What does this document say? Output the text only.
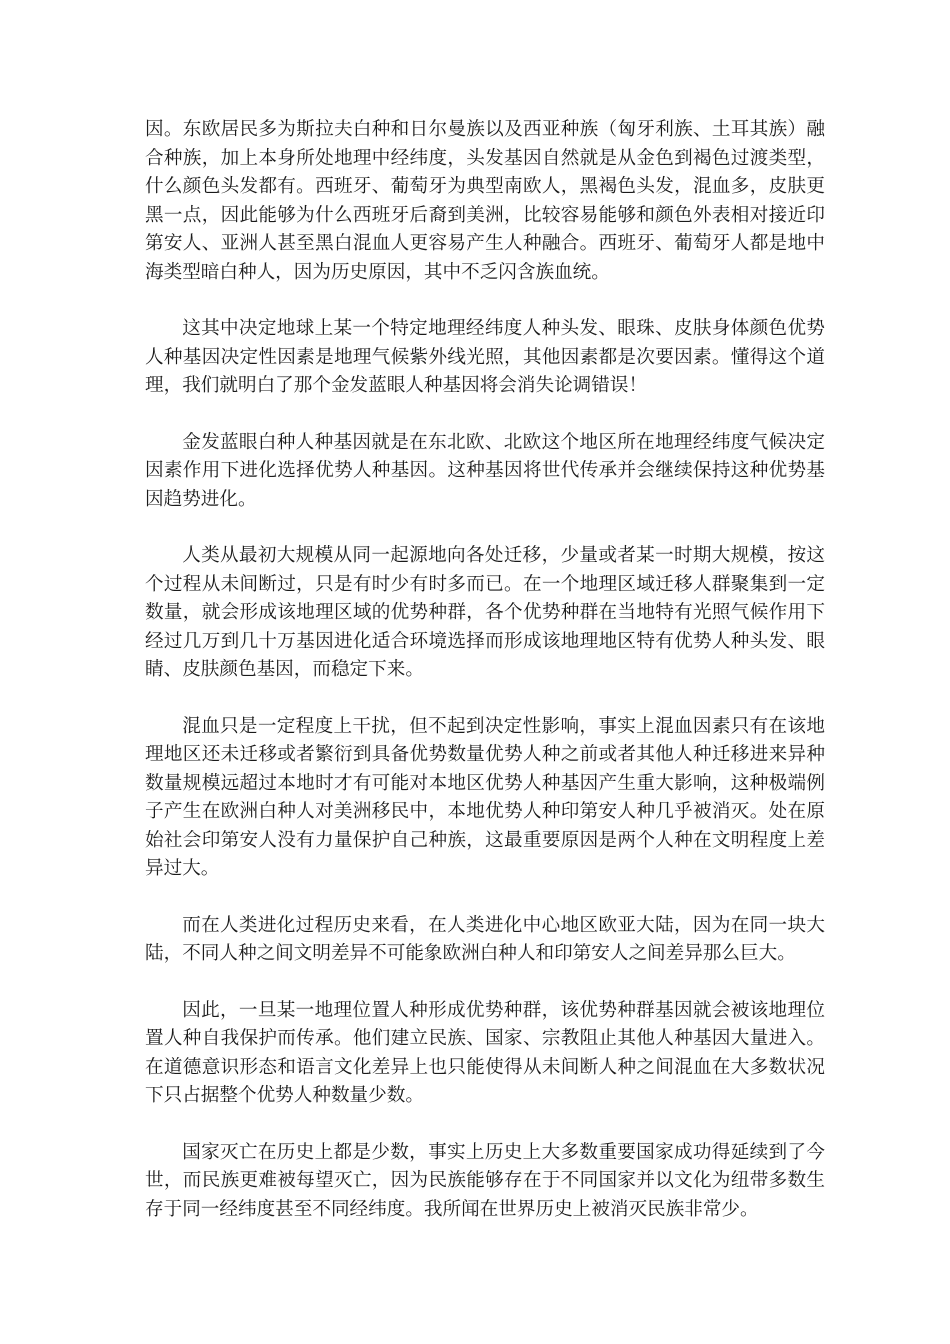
因。东欧居民多为斯拉夫白种和日尔曼族以及西亚种族（匈牙利族、土耳其族）融合种族，加上本身所处地理中经纬度，头发基因自然就是从金色到褐色过渡类型，什么颜色头发都有。西班牙、葡萄牙为典型南欧人，黑褐色头发，混血多，皮肤更黑一点，因此能够为什么西班牙后裔到美洲，比较容易能够和颜色外表相对接近印第安人、亚洲人甚至黑白混血人更容易产生人种融合。西班牙、葡萄牙人都是地中海类型暗白种人，因为历史原因，其中不乏闪含族血统。

这其中决定地球上某一个特定地理经纬度人种头发、眼珠、皮肤身体颜色优势人种基因决定性因素是地理气候紫外线光照，其他因素都是次要因素。懂得这个道理，我们就明白了那个金发蓝眼人种基因将会消失论调错误！

金发蓝眼白种人种基因就是在东北欧、北欧这个地区所在地理经纬度气候决定因素作用下进化选择优势人种基因。这种基因将世代传承并会继续保持这种优势基因趋势进化。

人类从最初大规模从同一起源地向各处迁移，少量或者某一时期大规模，按这个过程从未间断过，只是有时少有时多而已。在一个地理区域迁移人群聚集到一定数量，就会形成该地理区域的优势种群，各个优势种群在当地特有光照气候作用下经过几万到几十万基因进化适合环境选择而形成该地理地区特有优势人种头发、眼睛、皮肤颜色基因，而稳定下来。

混血只是一定程度上干扰，但不起到决定性影响，事实上混血因素只有在该地理地区还未迁移或者繁衍到具备优势数量优势人种之前或者其他人种迁移进来异种数量规模远超过本地时才有可能对本地区优势人种基因产生重大影响，这种极端例子产生在欧洲白种人对美洲移民中，本地优势人种印第安人种几乎被消灭。处在原始社会印第安人没有力量保护自己种族，这最重要原因是两个人种在文明程度上差异过大。

而在人类进化过程历史来看，在人类进化中心地区欧亚大陆，因为在同一块大陆，不同人种之间文明差异不可能象欧洲白种人和印第安人之间差异那么巨大。

因此，一旦某一地理位置人种形成优势种群，该优势种群基因就会被该地理位置人种自我保护而传承。他们建立民族、国家、宗教阻止其他人种基因大量进入。在道德意识形态和语言文化差异上也只能使得从未间断人种之间混血在大多数状况下只占据整个优势人种数量少数。

国家灭亡在历史上都是少数，事实上历史上大多数重要国家成功得延续到了今世，而民族更难被每望灭亡，因为民族能够存在于不同国家并以文化为纽带多数生存于同一经纬度甚至不同经纬度。我所闻在世界历史上被消灭民族非常少。
